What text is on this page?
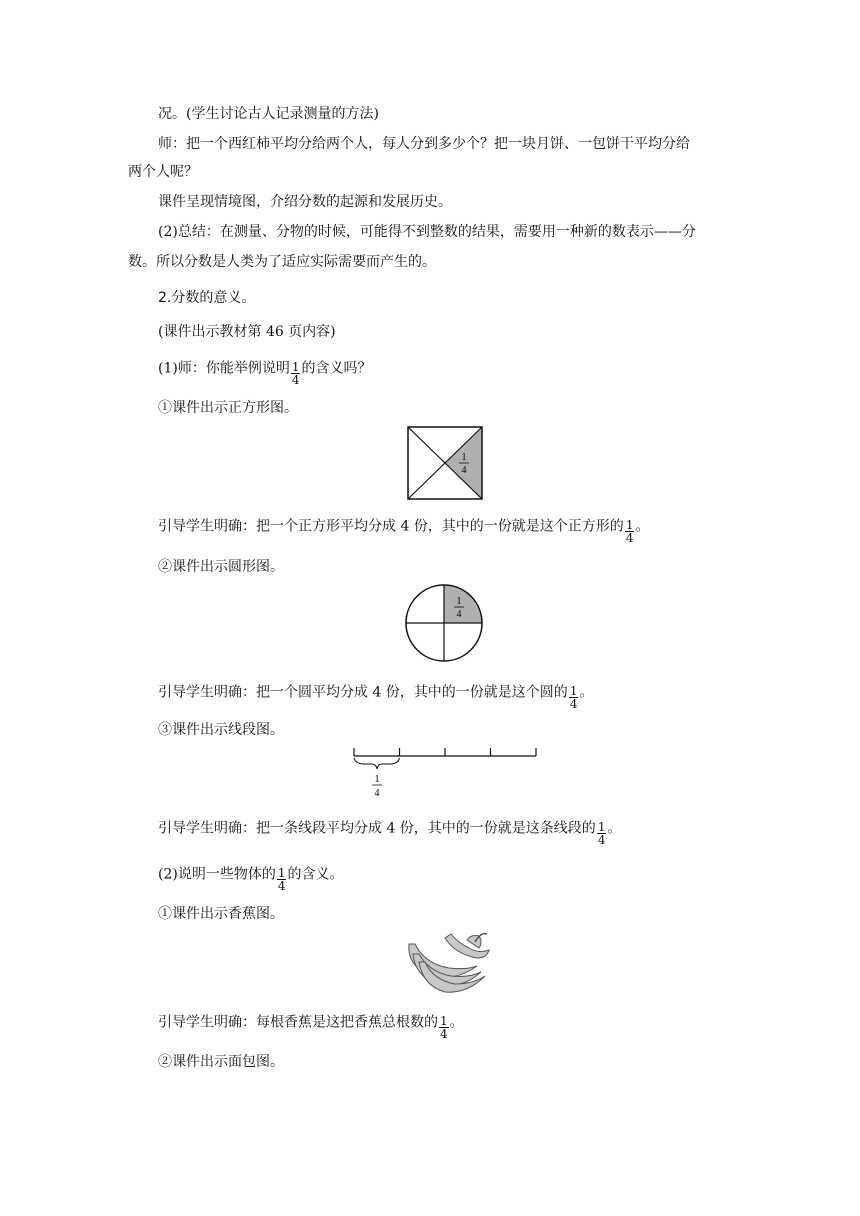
况。(学生讨论古人记录测量的方法)
师：把一个西红柿平均分给两个人，每人分到多少个？把一块月饼、一包饼干平均分给
两个人呢？
课件呈现情境图，介绍分数的起源和发展历史。
(2)总结：在测量、分物的时候，可能得不到整数的结果，需要用一种新的数表示——分
数。所以分数是人类为了适应实际需要而产生的。
2.分数的意义。
(课件出示教材第 46 页内容)
(1)师：你能举例说明 $\frac{1}{4}$ 的含义吗？
①课件出示正方形图。
1
4
引导学生明确：把一个正方形平均分成 4 份，其中的一份就是这个正方形的 $\frac{1}{4}$ 。
②课件出示圆形图。
1
4
引导学生明确：把一个圆平均分成 4 份，其中的一份就是这个圆的 $\frac{1}{4}$ 。
③课件出示线段图。
1
4
引导学生明确：把一条线段平均分成 4 份，其中的一份就是这条线段的 $\frac{1}{4}$ 。
(2)说明一些物体的 $\frac{1}{4}$ 的含义。
①课件出示香蕉图。
引导学生明确：每根香蕉是这把香蕉总根数的 $\frac{1}{4}$ 。
②课件出示面包图。
